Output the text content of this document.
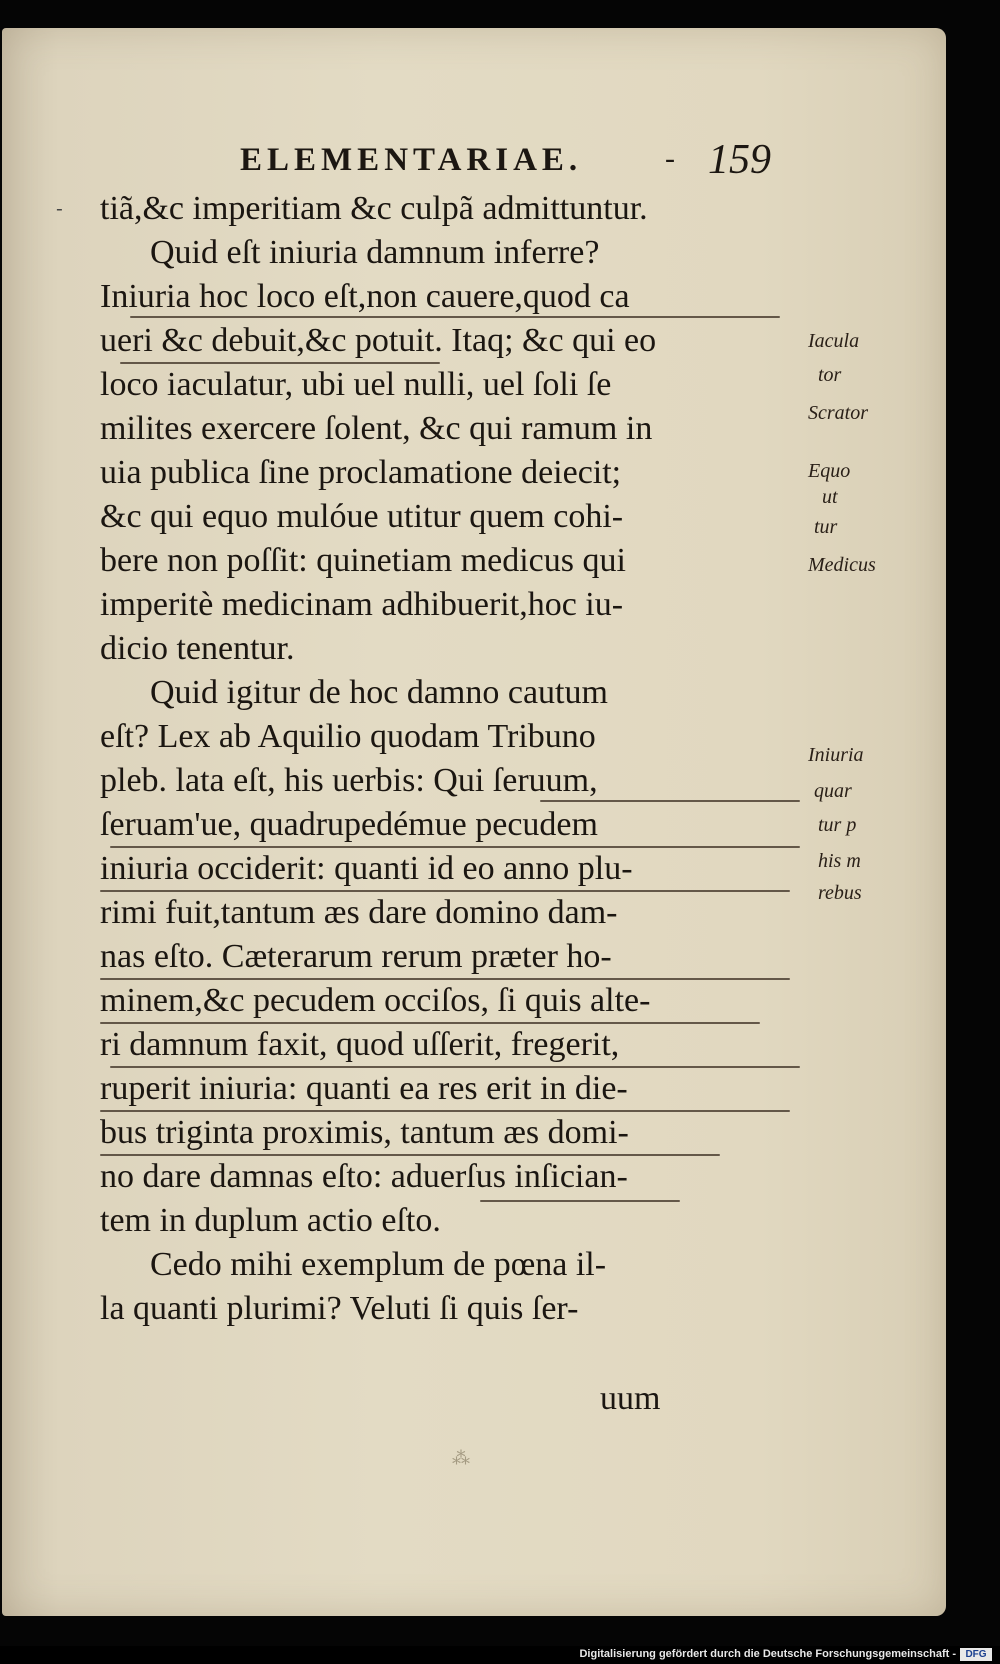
-
ELEMENTARIAE.	- 159
tiã,&c imperitiam &c culpã admittuntur.
Quid eſt iniuria damnum inferre?
Iniuria hoc loco eſt,non cauere,quod ca
ueri &c debuit,&c potuit. Itaq; &c qui eo
loco iaculatur, ubi uel nulli, uel ſoli ſe
milites exercere ſolent, &c qui ramum in
uia publica ſine proclamatione deiecit;
&c qui equo mulóue utitur quem cohi-
bere non poſſit: quinetiam medicus qui
imperitè medicinam adhibuerit,hoc iu-
dicio tenentur.
Quid igitur de hoc damno cautum
eſt? Lex ab Aquilio quodam Tribuno
pleb. lata eſt, his uerbis: Qui ſeruum,
ſeruam'ue, quadrupedémue pecudem
iniuria occiderit: quanti id eo anno plu-
rimi fuit,tantum æs dare domino dam-
nas eſto. Cæterarum rerum præter ho-
minem,&c pecudem occiſos, ſi quis alte-
ri damnum faxit, quod uſſerit, fregerit,
ruperit iniuria: quanti ea res erit in die-
bus triginta proximis, tantum æs domi-
no dare damnas eſto: aduerſus inſician-
tem in duplum actio eſto.
Cedo mihi exemplum de pœna il-
la quanti plurimi? Veluti ſi quis ſer-
uum
Iacula
tor
Scrator
Equo
ut
tur
Medicus
Iniuria
quar
tur p
his m
rebus
⁂
Digitalisierung gefördert durch die Deutsche Forschungsgemeinschaft - DFG
